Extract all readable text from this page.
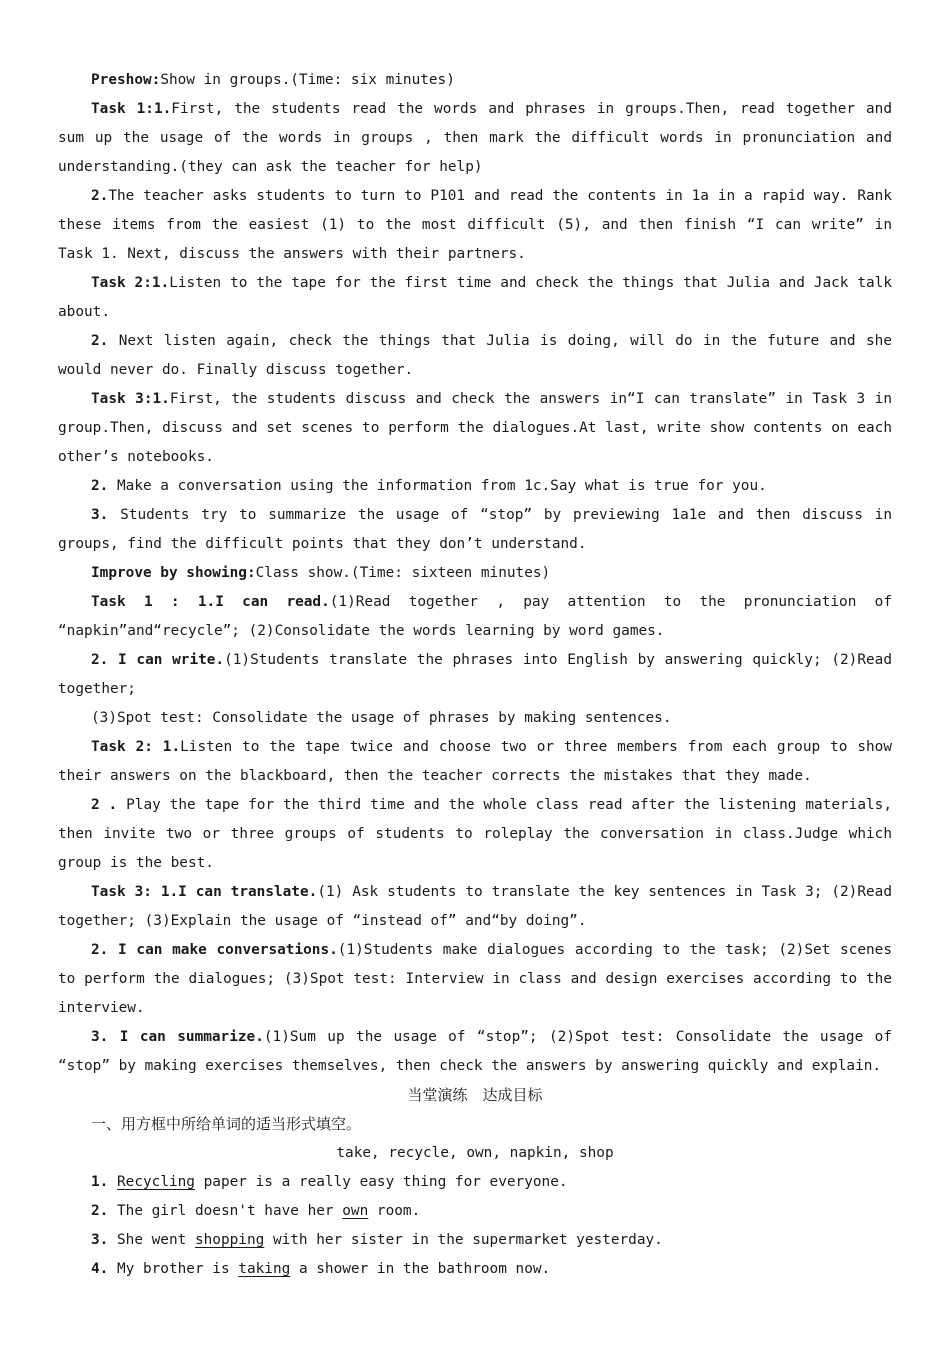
Preshow:Show in groups.(Time: six minutes)

Task 1:1.First, the students read the words and phrases in groups.Then, read together and sum up the usage of the words in groups , then mark the difficult words in pronunciation and understanding.(they can ask the teacher for help)

2.The teacher asks students to turn to P101 and read the contents in 1a in a rapid way. Rank these items from the easiest (1) to the most difficult (5), and then finish “I can write” in Task 1. Next, discuss the answers with their partners.

Task 2:1.Listen to the tape for the first time and check the things that Julia and Jack talk about.

2. Next listen again, check the things that Julia is doing, will do in the future and she would never do. Finally discuss together.

Task 3:1.First, the students discuss and check the answers in“I can translate” in Task 3 in group.Then, discuss and set scenes to perform the dialogues.At last, write show contents on each other’s notebooks.

2. Make a conversation using the information from 1c.Say what is true for you.

3. Students try to summarize the usage of “stop” by previewing 1a1e and then discuss in groups, find the difficult points that they don’t understand.

Improve by showing:Class show.(Time: sixteen minutes)

Task 1 : 1.I can read.(1)Read together , pay attention to the pronunciation of “napkin”and“recycle”; (2)Consolidate the words learning by word games.

2. I can write.(1)Students translate the phrases into English by answering quickly; (2)Read together;

(3)Spot test: Consolidate the usage of phrases by making sentences.

Task 2: 1.Listen to the tape twice and choose two or three members from each group to show their answers on the blackboard, then the teacher corrects the mistakes that they made.

2 . Play the tape for the third time and the whole class read after the listening materials, then invite two or three groups of students to roleplay the conversation in class.Judge which group is the best.

Task 3: 1.I can translate.(1) Ask students to translate the key sentences in Task 3; (2)Read together; (3)Explain the usage of “instead of” and“by doing”.

2. I can make conversations.(1)Students make dialogues according to the task; (2)Set scenes to perform the dialogues; (3)Spot test: Interview in class and design exercises according to the interview.

3. I can summarize.(1)Sum up the usage of “stop”; (2)Spot test: Consolidate the usage of “stop” by making exercises themselves, then check the answers by answering quickly and explain.

当堂演练　达成目标

一、用方框中所给单词的适当形式填空。

take, recycle, own, napkin, shop

1. Recycling paper is a really easy thing for everyone.

2. The girl doesn't have her own room.

3. She went shopping with her sister in the supermarket yesterday.

4. My brother is taking a shower in the bathroom now.
